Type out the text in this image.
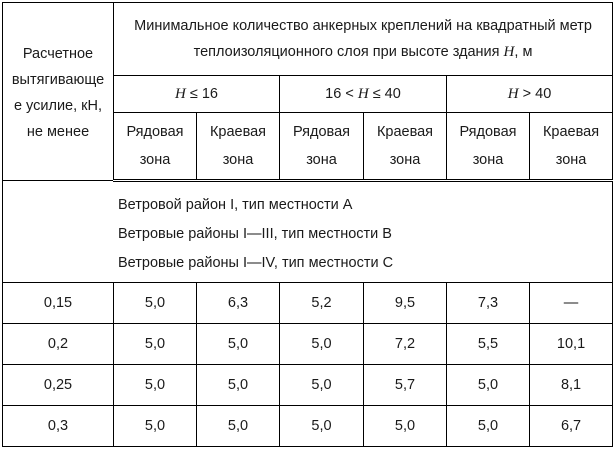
Расчетное вытягивающе е усилие, кН, не менее	Минимальное количество анкерных креплений на квадратный метр теплоизоляционного слоя при высоте здания H, м					
	H ≤ 16		16 < H ≤ 40		H > 40	
	Рядовая зона	Краевая зона	Рядовая зона	Краевая зона	Рядовая зона	Краевая зона

Ветровой район I, тип местности А
Ветровые районы I—III, тип местности В
Ветровые районы I—IV, тип местности С						

0,15	5,0	6,3	5,2	9,5	7,3	—
0,2	5,0	5,0	5,0	7,2	5,5	10,1
0,25	5,0	5,0	5,0	5,7	5,0	8,1
0,3	5,0	5,0	5,0	5,0	5,0	6,7
